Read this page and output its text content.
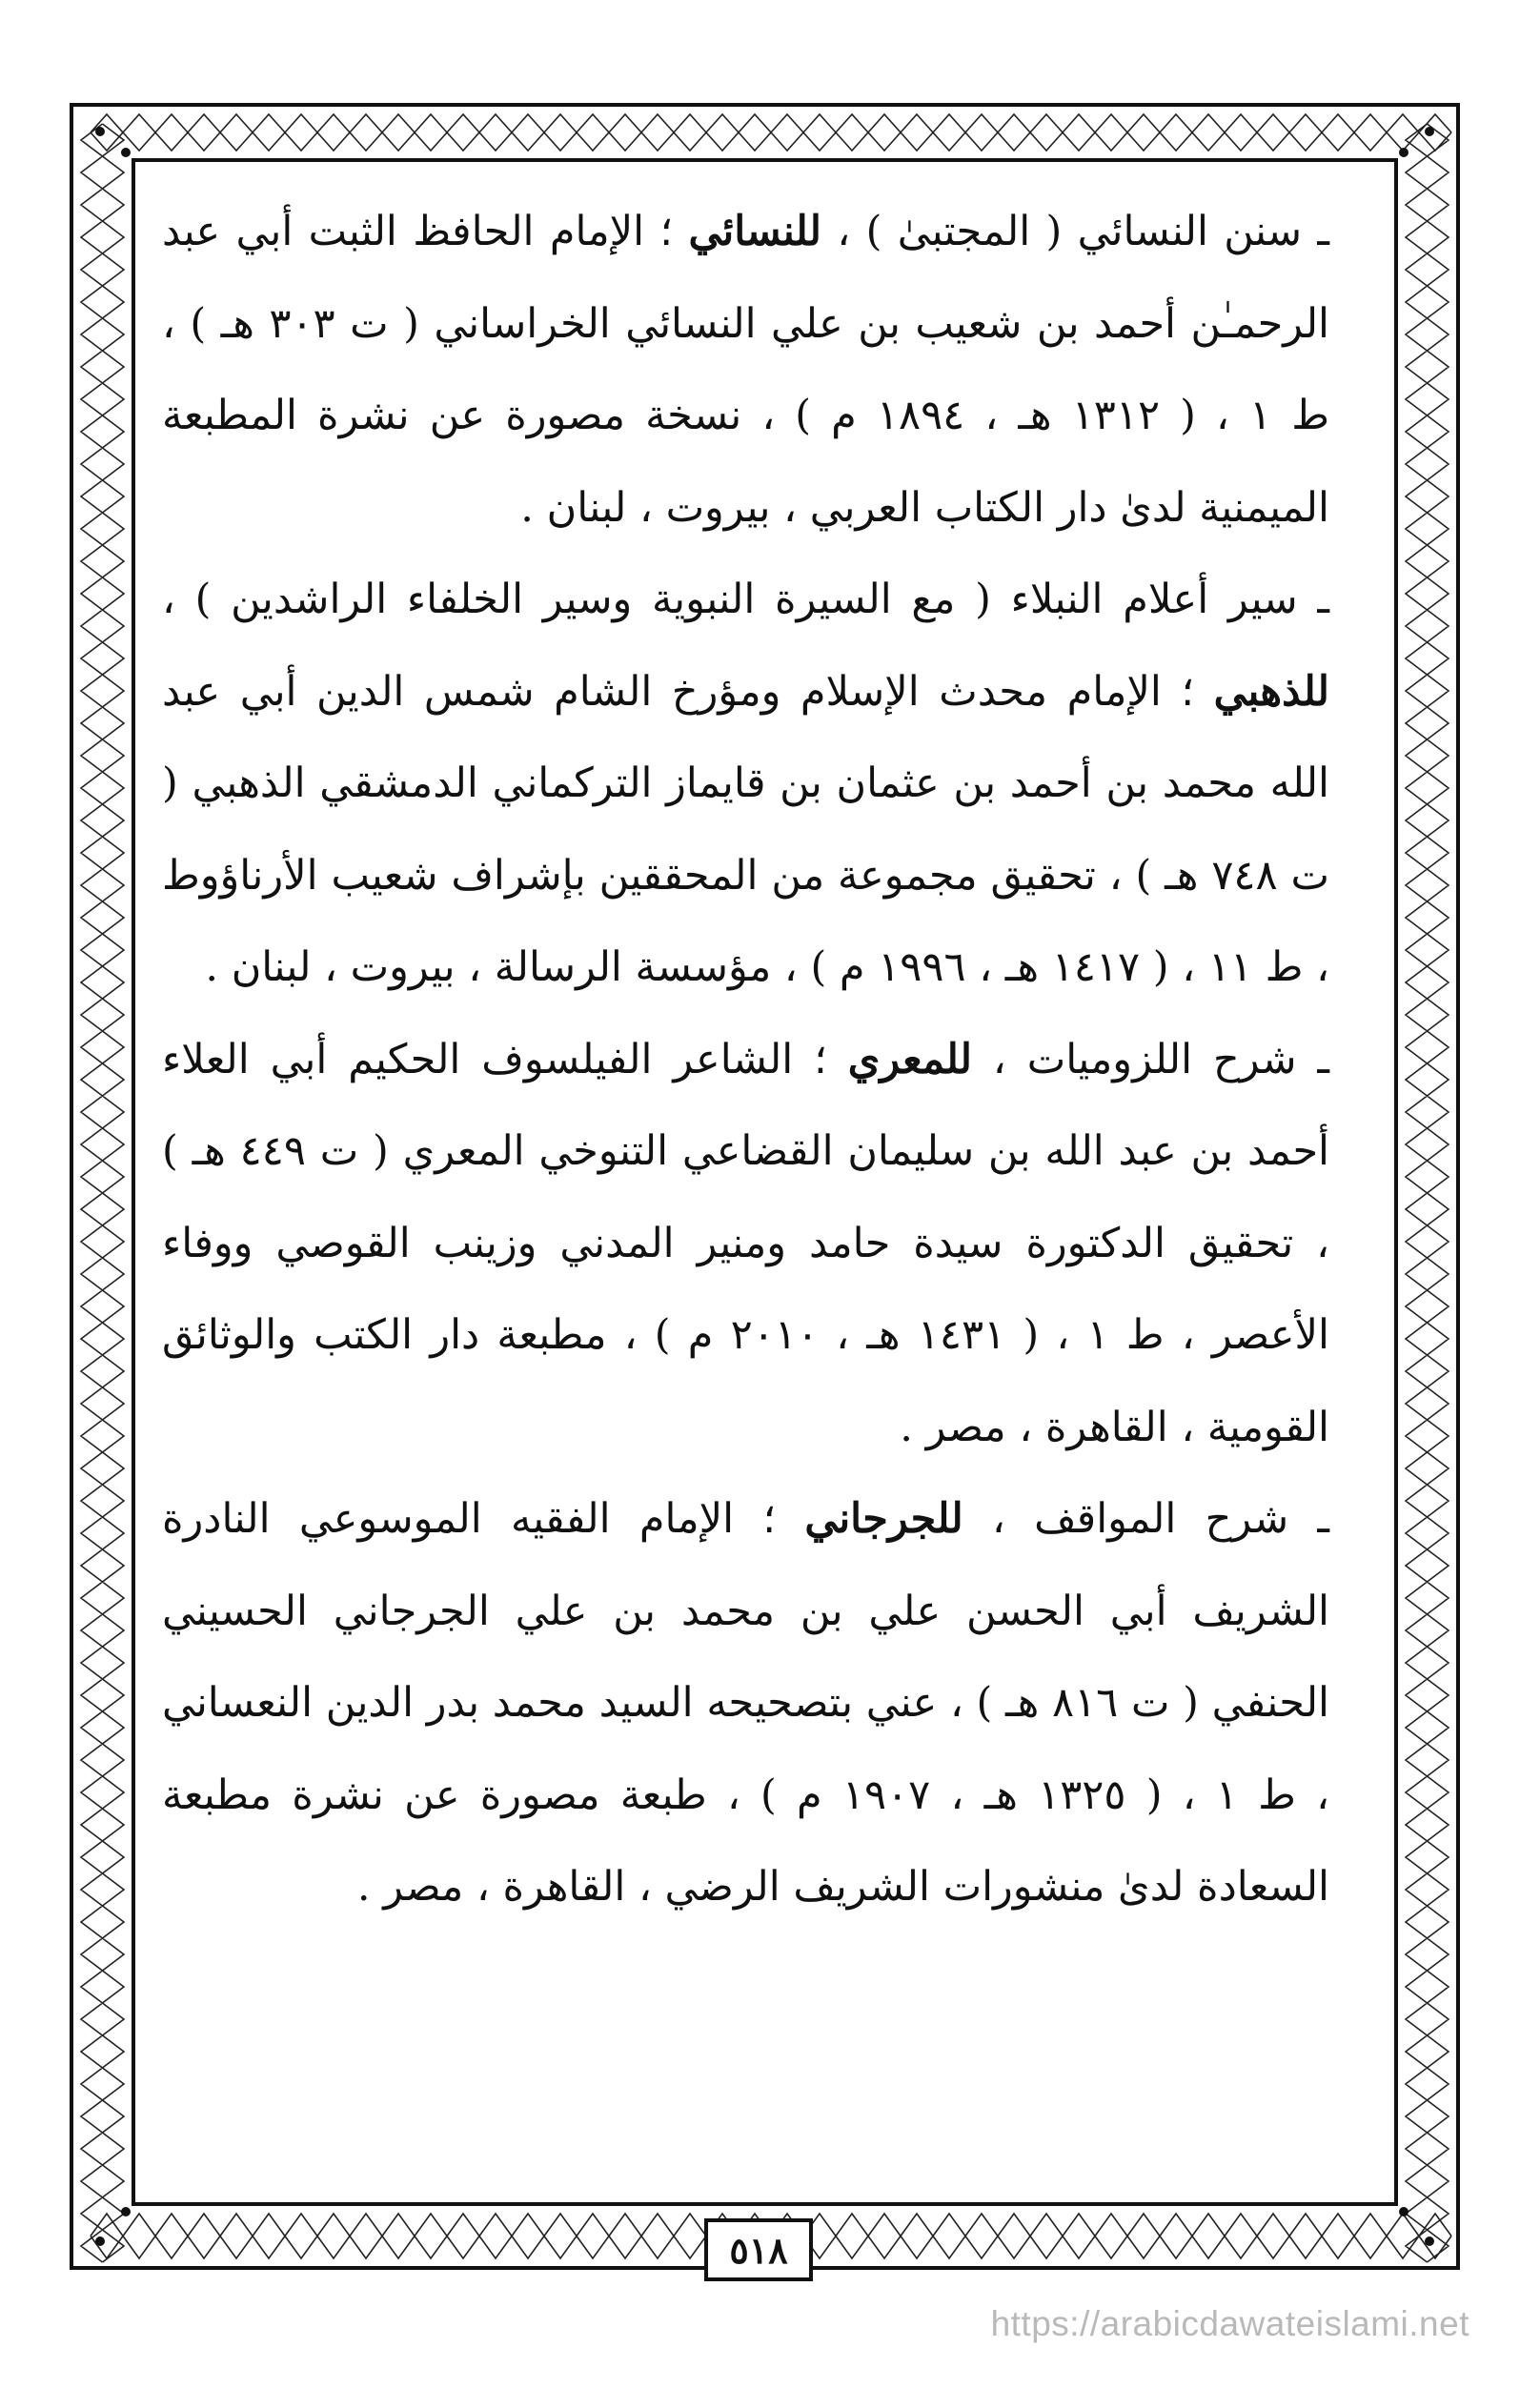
ـ سنن النسائي ( المجتبىٰ ) ، للنسائي ؛ الإمام الحافظ الثبت أبي عبد الرحمـٰن أحمد بن شعيب بن علي النسائي الخراساني ( ت ٣٠٣ هـ ) ، ط ١ ، ( ١٣١٢ هـ ، ١٨٩٤ م ) ، نسخة مصورة عن نشرة المطبعة الميمنية لدىٰ دار الكتاب العربي ، بيروت ، لبنان .

ـ سير أعلام النبلاء ( مع السيرة النبوية وسير الخلفاء الراشدين ) ، للذهبي ؛ الإمام محدث الإسلام ومؤرخ الشام شمس الدين أبي عبد الله محمد بن أحمد بن عثمان بن قايماز التركماني الدمشقي الذهبي ( ت ٧٤٨ هـ ) ، تحقيق مجموعة من المحققين بإشراف شعيب الأرناؤوط ، ط ١١ ، ( ١٤١٧ هـ ، ١٩٩٦ م ) ، مؤسسة الرسالة ، بيروت ، لبنان .

ـ شرح اللزوميات ، للمعري ؛ الشاعر الفيلسوف الحكيم أبي العلاء أحمد بن عبد الله بن سليمان القضاعي التنوخي المعري ( ت ٤٤٩ هـ ) ، تحقيق الدكتورة سيدة حامد ومنير المدني وزينب القوصي ووفاء الأعصر ، ط ١ ، ( ١٤٣١ هـ ، ٢٠١٠ م ) ، مطبعة دار الكتب والوثائق القومية ، القاهرة ، مصر .

ـ شرح المواقف ، للجرجاني ؛ الإمام الفقيه الموسوعي النادرة الشريف أبي الحسن علي بن محمد بن علي الجرجاني الحسيني الحنفي ( ت ٨١٦ هـ ) ، عني بتصحيحه السيد محمد بدر الدين النعساني ، ط ١ ، ( ١٣٢٥ هـ ، ١٩٠٧ م ) ، طبعة مصورة عن نشرة مطبعة السعادة لدىٰ منشورات الشريف الرضي ، القاهرة ، مصر .

٥١٨
https://arabicdawateislami.net
